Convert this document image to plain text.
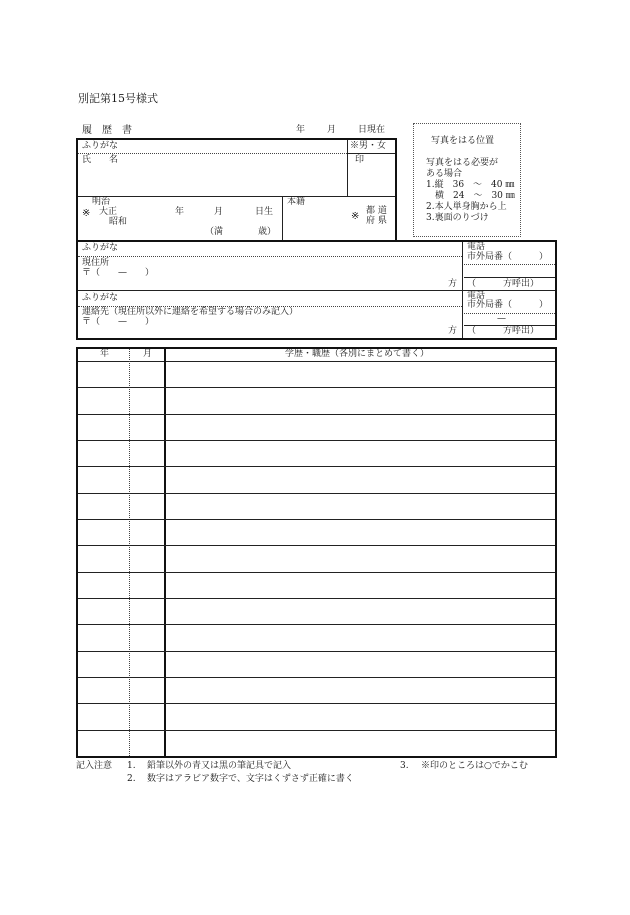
別記第15号様式
履　歴　書	年 月 日現在
写真をはる位置
写真をはる必要が
ある場合
1.縦　36　～　40 ㎜
　横　24　～　30 ㎜
2.本人単身胸から上
3.裏面のりづけ
ふりがな
氏　　名
※男・女
印
明治
※ 大正
昭和
年	月	日生
（満	歳）
本籍
※ 都 道
府 県
ふりがな
現住所
〒（　　—　　）
方
電話
市外局番（　　　）
（　　　方呼出）
ふりがな
連絡先（現住所以外に連絡を希望する場合のみ記入）
〒（　　—　　）
方
電話
市外局番（　　　）
—
（　　　方呼出）
年	月	学歴・職歴（各別にまとめて書く）
記入注意 1. 鉛筆以外の青又は黒の筆記具で記入	3. ※印のところは○でかこむ
2. 数字はアラビア数字で、文字はくずさず正確に書く
